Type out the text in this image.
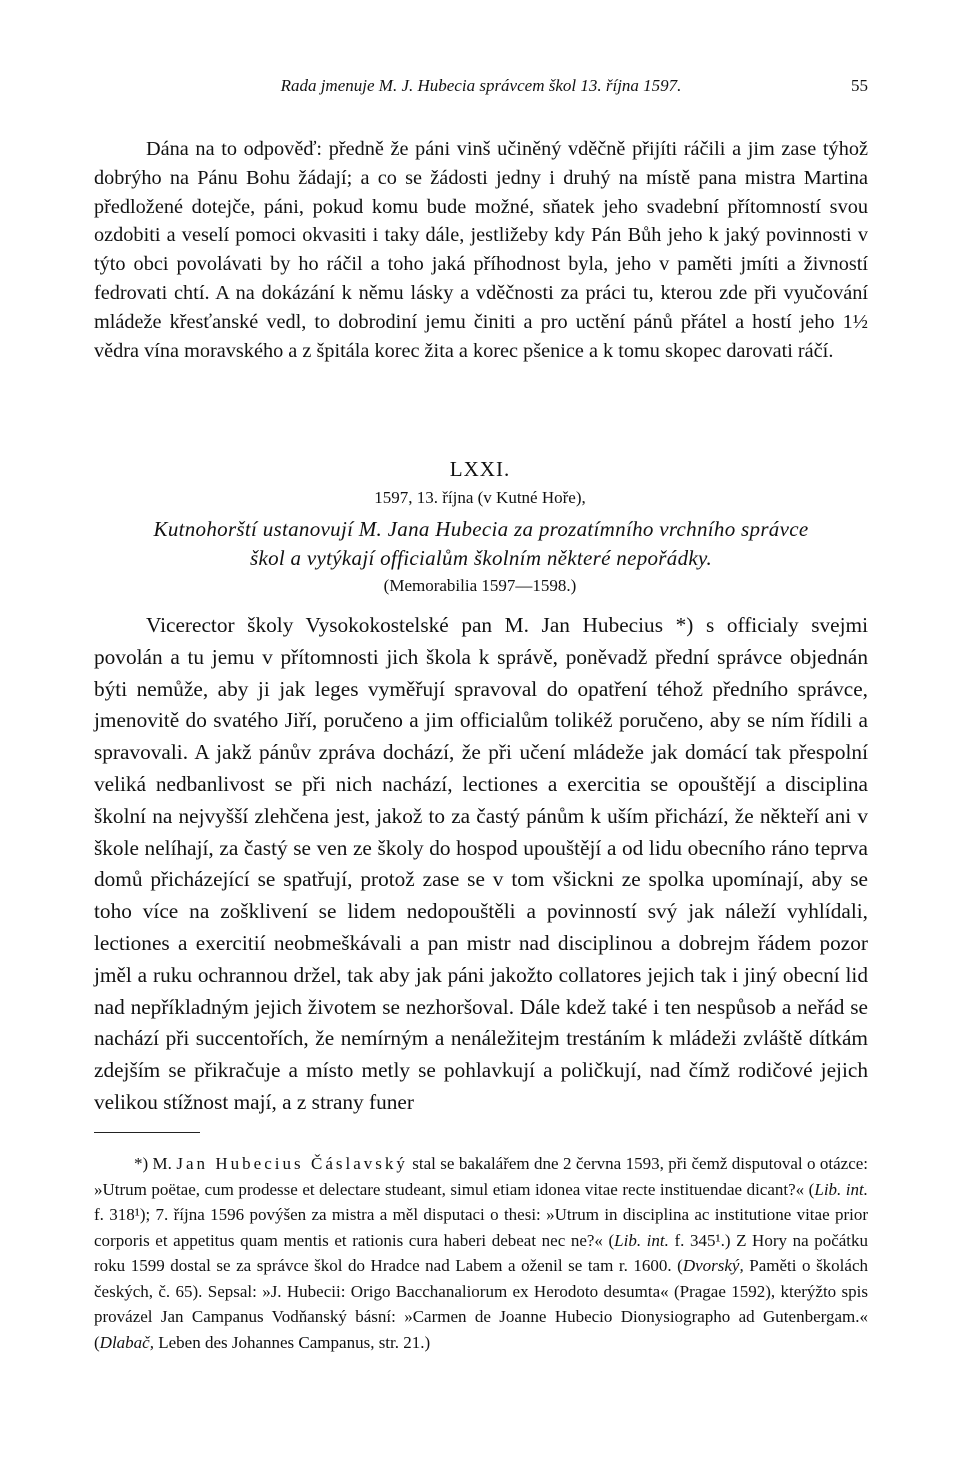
Rada jmenuje M. J. Hubecia správcem škol 13. října 1597.	55

Dána na to odpověď: předně že páni vinš učiněný vděčně přijíti ráčili a jim zase týhož dobrýho na Pánu Bohu žádají; a co se žádosti jedny i druhý na místě pana mistra Martina předložené dotejče, páni, pokud komu bude možné, sňatek jeho svadební přítomností svou ozdobiti a veselí pomoci okvasiti i taky dále, jestližeby kdy Pán Bůh jeho k jaký povinnosti v týto obci povolávati by ho ráčil a toho jaká příhodnost byla, jeho v paměti jmíti a živností fedrovati chtí. A na dokázání k němu lásky a vděčnosti za práci tu, kterou zde při vyučování mládeže křesťanské vedl, to dobrodiní jemu činiti a pro uctění pánů přátel a hostí jeho 1½ vědra vína moravského a z špitála korec žita a korec pšenice a k tomu skopec darovati ráčí.

LXXI.
1597, 13. října (v Kutné Hoře),
Kutnohorští ustanovují M. Jana Hubecia za prozatímního vrchního správce
škol a vytýkají officialům školním některé nepořádky.
(Memorabilia 1597—1598.)

Vicerector školy Vysokokostelské pan M. Jan Hubecius *) s officialy svejmi povolán a tu jemu v přítomnosti jich škola k správě, poněvadž přední správce objednán býti nemůže, aby ji jak leges vyměřují spravoval do opatření téhož předního správce, jmenovitě do svatého Jiří, poručeno a jim officialům tolikéž poručeno, aby se ním řídili a spravovali. A jakž pánův zpráva dochází, že při učení mládeže jak domácí tak přespolní veliká nedbanlivost se při nich nachází, lectiones a exercitia se opouštějí a disciplina školní na nejvyšší zlehčena jest, jakož to za častý pánům k uším přichází, že někteří ani v škole nelíhají, za častý se ven ze školy do hospod upouštějí a od lidu obecního ráno teprva domů přicházející se spatřují, protož zase se v tom všickni ze spolka upomínají, aby se toho více na zošklivení se lidem nedopouštěli a povinností svý jak náleží vyhlídali, lectiones a exercitií neobmeškávali a pan mistr nad disciplinou a dobrejm řádem pozor jměl a ruku ochrannou držel, tak aby jak páni jakožto collatores jejich tak i jiný obecní lid nad nepříkladným jejich životem se nezhoršoval. Dále kdež také i ten nespůsob a neřád se nachází při succentořích, že nemírným a nenáležitejm trestáním k mládeži zvláště dítkám zdejším se přikračuje a místo metly se pohlavkují a poličkují, nad čímž rodičové jejich velikou stížnost mají, a z strany funer

*) M. Jan Hubecius Čáslavský stal se bakalářem dne 2 června 1593, při čemž disputoval o otázce: »Utrum poëtae, cum prodesse et delectare studeant, simul etiam idonea vitae recte instituendae dicant?« (Lib. int. f. 318¹); 7. října 1596 povýšen za mistra a měl disputaci o thesi: »Utrum in disciplina ac institutione vitae prior corporis et appetitus quam mentis et rationis cura haberi debeat nec ne?« (Lib. int. f. 345¹.) Z Hory na počátku roku 1599 dostal se za správce škol do Hradce nad Labem a oženil se tam r. 1600. (Dvorský, Paměti o školách českých, č. 65). Sepsal: »J. Hubecii: Origo Bacchanaliorum ex Herodoto desumta« (Pragae 1592), kterýžto spis provázel Jan Campanus Vodňanský básní: »Carmen de Joanne Hubecio Dionysiographo ad Gutenbergam.« (Dlabač, Leben des Johannes Campanus, str. 21.)
